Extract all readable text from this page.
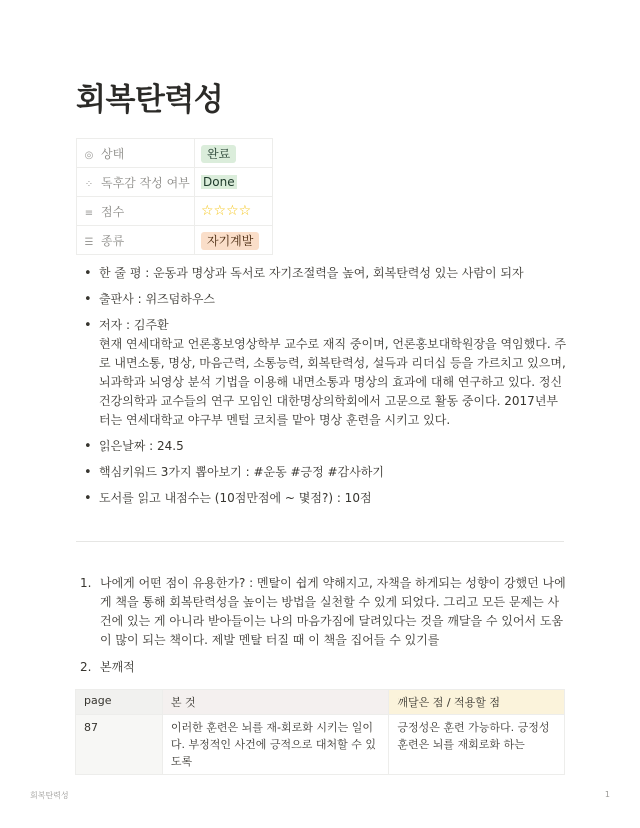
회복탄력성
◎ 상태	완료
⁘ 독후감 작성 여부	Done
≡ 점수	☆☆☆☆
☰ 종류	자기계발
• 한 줄 평 : 운동과 명상과 독서로 자기조절력을 높여, 회복탄력성 있는 사람이 되자
• 출판사 : 위즈덤하우스
• 저자 : 김주환
현재 연세대학교 언론홍보영상학부 교수로 재직 중이며, 언론홍보대학원장을 역임했다. 주로 내면소통, 명상, 마음근력, 소통능력, 회복탄력성, 설득과 리더십 등을 가르치고 있으며, 뇌과학과 뇌영상 분석 기법을 이용해 내면소통과 명상의 효과에 대해 연구하고 있다. 정신건강의학과 교수들의 연구 모임인 대한명상의학회에서 고문으로 활동 중이다. 2017년부터는 연세대학교 야구부 멘털 코치를 맡아 명상 훈련을 시키고 있다.
• 읽은날짜 : 24.5
• 핵심키워드 3가지 뽑아보기 : #운동 #긍정 #감사하기
• 도서를 읽고 내점수는 (10점만점에 ~ 몇점?) : 10점
1. 나에게 어떤 점이 유용한가? : 멘탈이 쉽게 약해지고, 자책을 하게되는 성향이 강했던 나에게 책을 통해 회복탄력성을 높이는 방법을 실천할 수 있게 되었다. 그리고 모든 문제는 사건에 있는 게 아니라 받아들이는 나의 마음가짐에 달려있다는 것을 깨달을 수 있어서 도움이 많이 되는 책이다. 제발 멘탈 터질 때 이 책을 집어들 수 있기를
2. 본깨적
page	본 것	깨달은 점 / 적용할 점
87	이러한 훈련은 뇌를 재-회로화 시키는 일이다. 부정적인 사건에 긍적으로 대처할 수 있도록	긍정성은 훈련 가능하다. 긍정성 훈련은 뇌를 재회로화 하는
회복탄력성	1
